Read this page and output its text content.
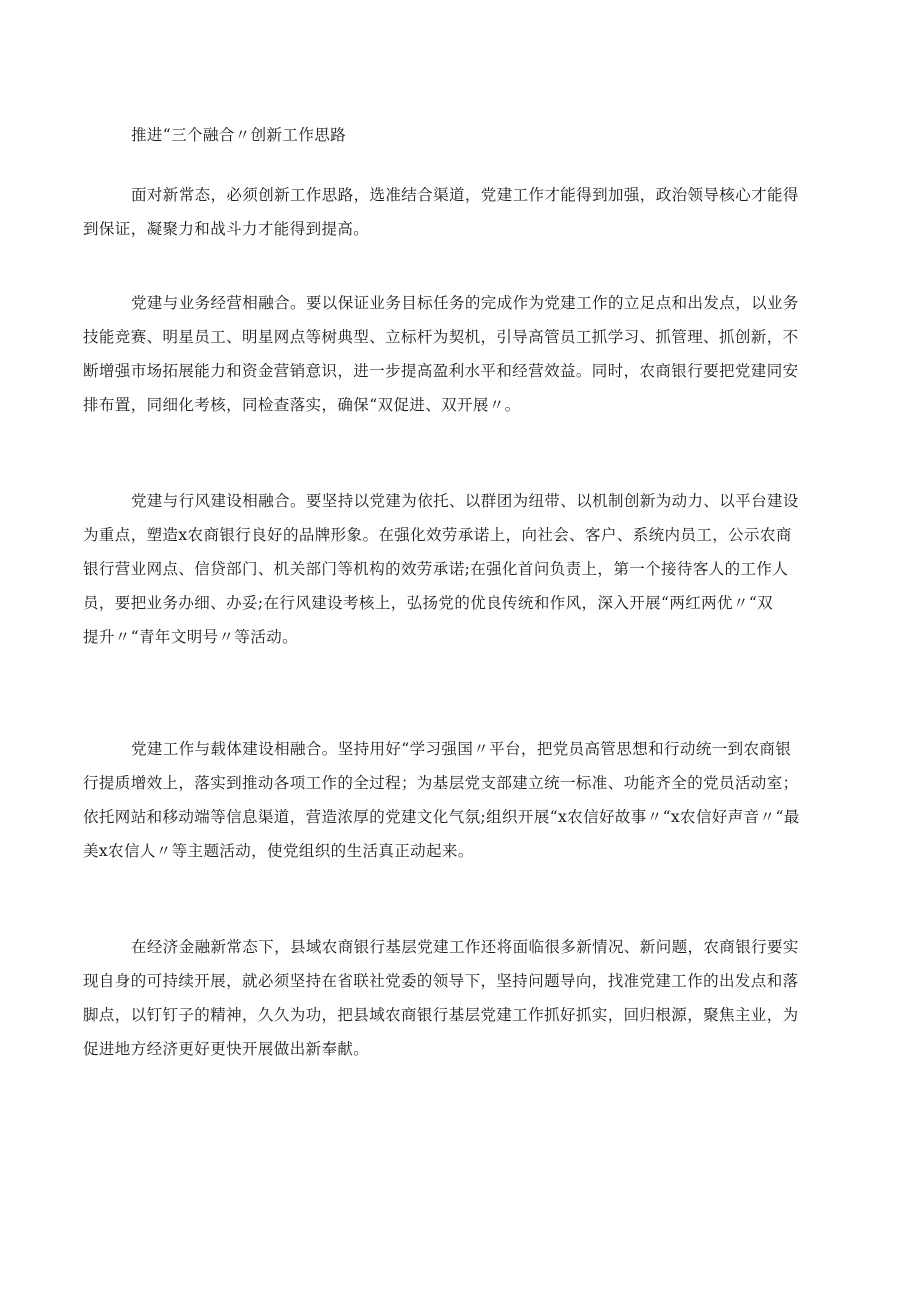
推进“三个融合〃创新工作思路
面对新常态，必须创新工作思路，选准结合渠道，党建工作才能得到加强，政治领导核心才能得
到保证，凝聚力和战斗力才能得到提高。
党建与业务经营相融合。要以保证业务目标任务的完成作为党建工作的立足点和出发点，以业务
技能竞赛、明星员工、明星网点等树典型、立标杆为契机，引导高管员工抓学习、抓管理、抓创新，不
断增强市场拓展能力和资金营销意识，进一步提高盈利水平和经营效益。同时，农商银行要把党建同安
排布置，同细化考核，同检查落实，确保“双促进、双开展〃。
党建与行风建设相融合。要坚持以党建为依托、以群团为纽带、以机制创新为动力、以平台建设
为重点，塑造x农商银行良好的品牌形象。在强化效劳承诺上，向社会、客户、系统内员工，公示农商
银行营业网点、信贷部门、机关部门等机构的效劳承诺;在强化首问负责上，第一个接待客人的工作人
员，要把业务办细、办妥;在行风建设考核上，弘扬党的优良传统和作风，深入开展“两红两优〃“双
提升〃“青年文明号〃等活动。
党建工作与载体建设相融合。坚持用好“学习强国〃平台，把党员高管思想和行动统一到农商银
行提质增效上，落实到推动各项工作的全过程；为基层党支部建立统一标准、功能齐全的党员活动室；
依托网站和移动端等信息渠道，营造浓厚的党建文化气氛;组织开展“x农信好故事〃“x农信好声音〃“最
美x农信人〃等主题活动，使党组织的生活真正动起来。
在经济金融新常态下，县域农商银行基层党建工作还将面临很多新情况、新问题，农商银行要实
现自身的可持续开展，就必须坚持在省联社党委的领导下，坚持问题导向，找准党建工作的出发点和落
脚点，以钉钉子的精神，久久为功，把县域农商银行基层党建工作抓好抓实，回归根源，聚焦主业，为
促进地方经济更好更快开展做出新奉献。
